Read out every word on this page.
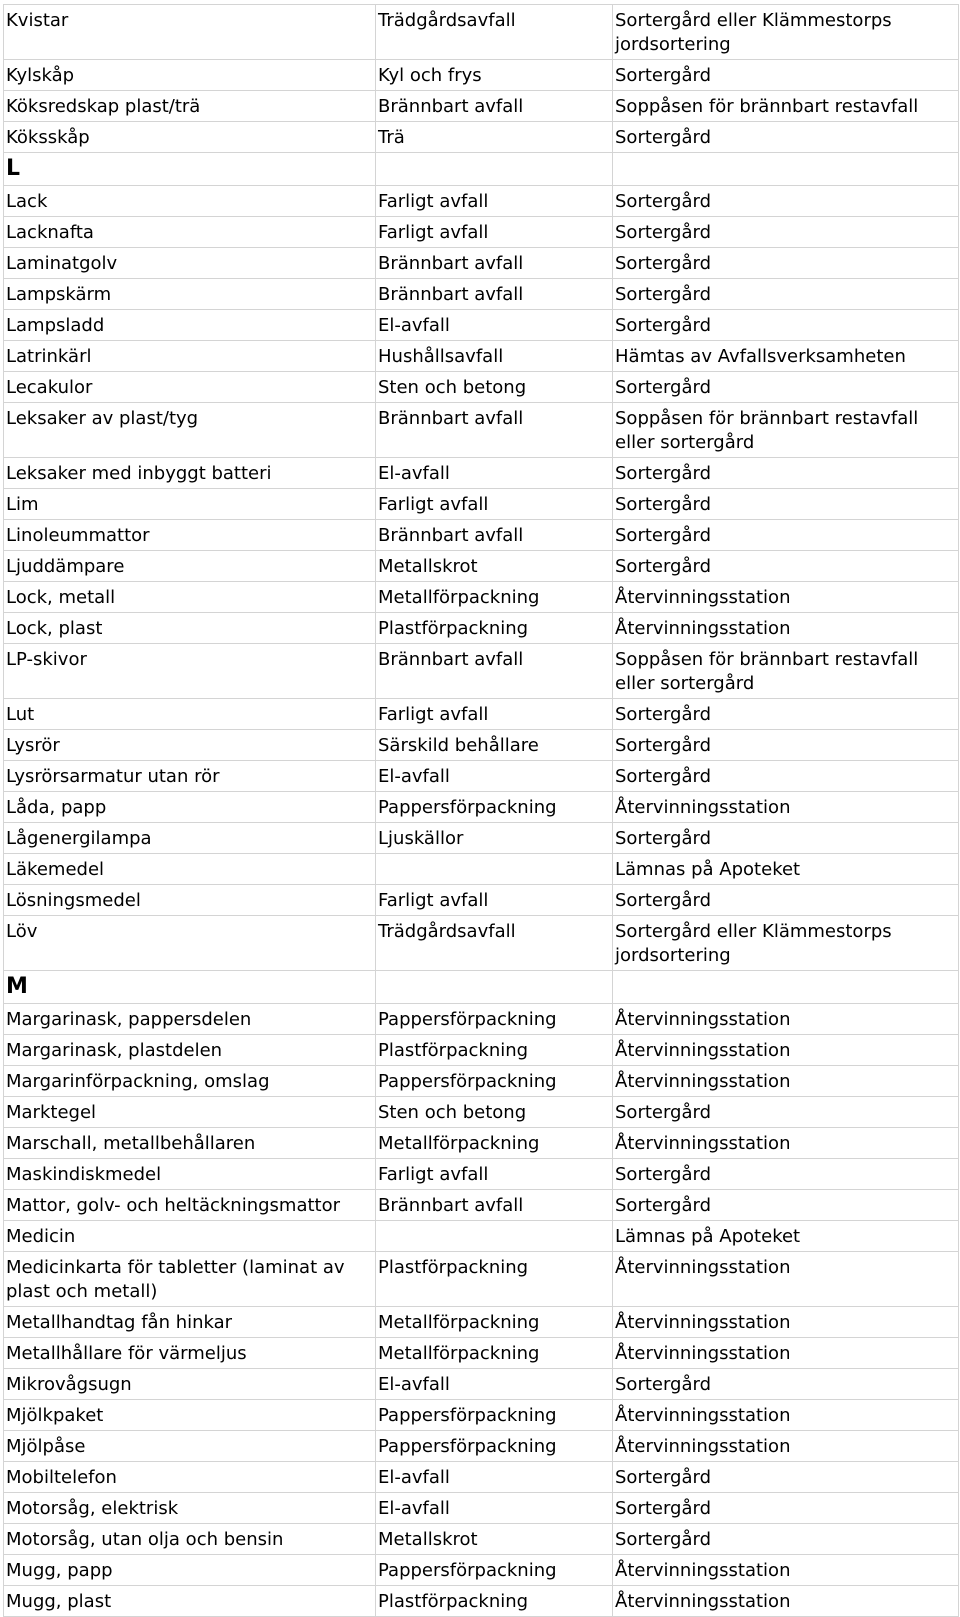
Kvistar	Trädgårdsavfall	Sortergård eller Klämmestorps jordsortering
Kylskåp	Kyl och frys	Sortergård
Köksredskap plast/trä	Brännbart avfall	Soppåsen för brännbart restavfall
Köksskåp	Trä	Sortergård
L		
Lack	Farligt avfall	Sortergård
Lacknafta	Farligt avfall	Sortergård
Laminatgolv	Brännbart avfall	Sortergård
Lampskärm	Brännbart avfall	Sortergård
Lampsladd	El-avfall	Sortergård
Latrinkärl	Hushållsavfall	Hämtas av Avfallsverksamheten
Lecakulor	Sten och betong	Sortergård
Leksaker av plast/tyg	Brännbart avfall	Soppåsen för brännbart restavfall eller sortergård
Leksaker med inbyggt batteri	El-avfall	Sortergård
Lim	Farligt avfall	Sortergård
Linoleummattor	Brännbart avfall	Sortergård
Ljuddämpare	Metallskrot	Sortergård
Lock, metall	Metallförpackning	Återvinningsstation
Lock, plast	Plastförpackning	Återvinningsstation
LP-skivor	Brännbart avfall	Soppåsen för brännbart restavfall eller sortergård
Lut	Farligt avfall	Sortergård
Lysrör	Särskild behållare	Sortergård
Lysrörsarmatur utan rör	El-avfall	Sortergård
Låda, papp	Pappersförpackning	Återvinningsstation
Lågenergilampa	Ljuskällor	Sortergård
Läkemedel		Lämnas på Apoteket
Lösningsmedel	Farligt avfall	Sortergård
Löv	Trädgårdsavfall	Sortergård eller Klämmestorps jordsortering
M		
Margarinask, pappersdelen	Pappersförpackning	Återvinningsstation
Margarinask, plastdelen	Plastförpackning	Återvinningsstation
Margarinförpackning, omslag	Pappersförpackning	Återvinningsstation
Marktegel	Sten och betong	Sortergård
Marschall, metallbehållaren	Metallförpackning	Återvinningsstation
Maskindiskmedel	Farligt avfall	Sortergård
Mattor, golv- och heltäckningsmattor	Brännbart avfall	Sortergård
Medicin		Lämnas på Apoteket
Medicinkarta för tabletter (laminat av plast och metall)	Plastförpackning	Återvinningsstation
Metallhandtag fån hinkar	Metallförpackning	Återvinningsstation
Metallhållare för värmeljus	Metallförpackning	Återvinningsstation
Mikrovågsugn	El-avfall	Sortergård
Mjölkpaket	Pappersförpackning	Återvinningsstation
Mjölpåse	Pappersförpackning	Återvinningsstation
Mobiltelefon	El-avfall	Sortergård
Motorsåg, elektrisk	El-avfall	Sortergård
Motorsåg, utan olja och bensin	Metallskrot	Sortergård
Mugg, papp	Pappersförpackning	Återvinningsstation
Mugg, plast	Plastförpackning	Återvinningsstation
